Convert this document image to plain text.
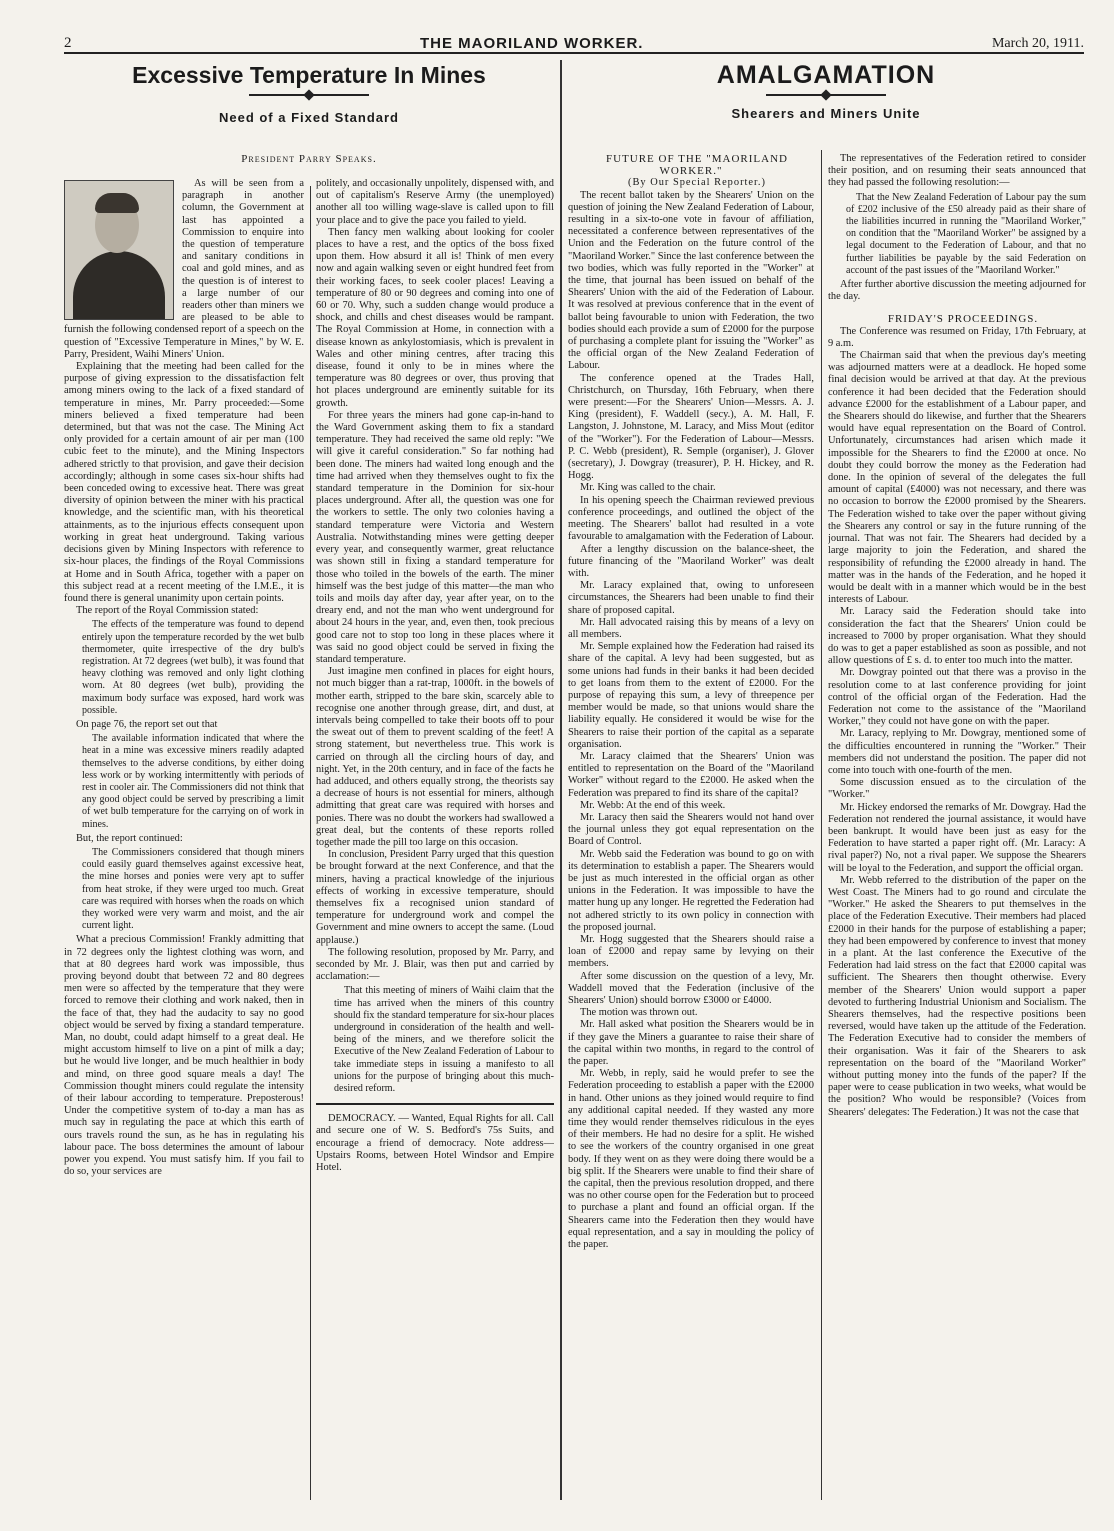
2	THE MAORILAND WORKER.	March 20, 1911.
Excessive Temperature In Mines
Need of a Fixed Standard
President Parry Speaks.
AMALGAMATION
Shearers and Miners Unite

As will be seen from a paragraph in another column, the Government at last has appointed a Commission to enquire into the question of temperature and sanitary conditions in coal and gold mines, and as the question is of interest to a large number of our readers other than miners we are pleased to be able to furnish the following condensed report of a speech on the question of "Excessive Temperature in Mines," by W. E. Parry, President, Waihi Miners' Union.

Explaining that the meeting had been called for the purpose of giving expression to the dissatisfaction felt among miners owing to the lack of a fixed standard of temperature in mines, Mr. Parry proceeded:—Some miners believed a fixed temperature had been determined, but that was not the case. The Mining Act only provided for a certain amount of air per man (100 cubic feet to the minute), and the Mining Inspectors adhered strictly to that provision, and gave their decision accordingly; although in some cases six-hour shifts had been conceded owing to excessive heat. There was great diversity of opinion between the miner with his practical knowledge, and the scientific man, with his theoretical attainments, as to the injurious effects consequent upon working in great heat underground. Taking various decisions given by Mining Inspectors with reference to six-hour places, the findings of the Royal Commissions at Home and in South Africa, together with a paper on this subject read at a recent meeting of the I.M.E., it is found there is general unanimity upon certain points.

The report of the Royal Commission stated:

The effects of the temperature was found to depend entirely upon the temperature recorded by the wet bulb thermometer, quite irrespective of the dry bulb's registration. At 72 degrees (wet bulb), it was found that heavy clothing was removed and only light clothing worn. At 80 degrees (wet bulb), providing the maximum body surface was exposed, hard work was possible.

On page 76, the report set out that

The available information indicated that where the heat in a mine was excessive miners readily adapted themselves to the adverse conditions, by either doing less work or by working intermittently with periods of rest in cooler air. The Commissioners did not think that any good object could be served by prescribing a limit of wet bulb temperature for the carrying on of work in mines.

But, the report continued:

The Commissioners considered that though miners could easily guard themselves against excessive heat, the mine horses and ponies were very apt to suffer from heat stroke, if they were urged too much. Great care was required with horses when the roads on which they worked were very warm and moist, and the air current light.

What a precious Commission! Frankly admitting that in 72 degrees only the lightest clothing was worn, and that at 80 degrees hard work was impossible, thus proving beyond doubt that between 72 and 80 degrees men were so affected by the temperature that they were forced to remove their clothing and work naked, then in the face of that, they had the audacity to say no good object would be served by fixing a standard temperature. Man, no doubt, could adapt himself to a great deal. He might accustom himself to live on a pint of milk a day; but he would live longer, and be much healthier in body and mind, on three good square meals a day! The Commission thought miners could regulate the intensity of their labour according to temperature. Preposterous! Under the competitive system of to-day a man has as much say in regulating the pace at which this earth of ours travels round the sun, as he has in regulating his labour pace. The boss determines the amount of labour power you expend. You must satisfy him. If you fail to do so, your services are

politely, and occasionally unpolitely, dispensed with, and out of capitalism's Reserve Army (the unemployed) another all too willing wage-slave is called upon to fill your place and to give the pace you failed to yield.

Then fancy men walking about looking for cooler places to have a rest, and the optics of the boss fixed upon them. How absurd it all is! Think of men every now and again walking seven or eight hundred feet from their working faces, to seek cooler places! Leaving a temperature of 80 or 90 degrees and coming into one of 60 or 70. Why, such a sudden change would produce a shock, and chills and chest diseases would be rampant. The Royal Commission at Home, in connection with a disease known as ankylostomiasis, which is prevalent in Wales and other mining centres, after tracing this disease, found it only to be in mines where the temperature was 80 degrees or over, thus proving that hot places underground are eminently suitable for its growth.

For three years the miners had gone cap-in-hand to the Ward Government asking them to fix a standard temperature. They had received the same old reply: "We will give it careful consideration." So far nothing had been done. The miners had waited long enough and the time had arrived when they themselves ought to fix the standard temperature in the Dominion for six-hour places underground. After all, the question was one for the workers to settle. The only two colonies having a standard temperature were Victoria and Western Australia. Notwithstanding mines were getting deeper every year, and consequently warmer, great reluctance was shown still in fixing a standard temperature for those who toiled in the bowels of the earth. The miner himself was the best judge of this matter—the man who toils and moils day after day, year after year, on to the dreary end, and not the man who went underground for about 24 hours in the year, and, even then, took precious good care not to stop too long in these places where it was said no good object could be served in fixing the standard temperature.

Just imagine men confined in places for eight hours, not much bigger than a rat-trap, 1000ft. in the bowels of mother earth, stripped to the bare skin, scarcely able to recognise one another through grease, dirt, and dust, at intervals being compelled to take their boots off to pour the sweat out of them to prevent scalding of the feet! A strong statement, but nevertheless true. This work is carried on through all the circling hours of day, and night. Yet, in the 20th century, and in face of the facts he had adduced, and others equally strong, the theorists say a decrease of hours is not essential for miners, although admitting that great care was required with horses and ponies. There was no doubt the workers had swallowed a great deal, but the contents of these reports rolled together made the pill too large on this occasion.

In conclusion, President Parry urged that this question be brought forward at the next Conference, and that the miners, having a practical knowledge of the injurious effects of working in excessive temperature, should themselves fix a recognised union standard of temperature for underground work and compel the Government and mine owners to accept the same. (Loud applause.)

The following resolution, proposed by Mr. Parry, and seconded by Mr. J. Blair, was then put and carried by acclamation:—

That this meeting of miners of Waihi claim that the time has arrived when the miners of this country should fix the standard temperature for six-hour places underground in consideration of the health and well-being of the miners, and we therefore solicit the Executive of the New Zealand Federation of Labour to take immediate steps in issuing a manifesto to all unions for the purpose of bringing about this much-desired reform.

DEMOCRACY. — Wanted, Equal Rights for all. Call and secure one of W. S. Bedford's 75s Suits, and encourage a friend of democracy. Note address—Upstairs Rooms, between Hotel Windsor and Empire Hotel.

FUTURE OF THE "MAORILAND WORKER."

(By Our Special Reporter.)

The recent ballot taken by the Shearers' Union on the question of joining the New Zealand Federation of Labour, resulting in a six-to-one vote in favour of affiliation, necessitated a conference between representatives of the Union and the Federation on the future control of the "Maoriland Worker." Since the last conference between the two bodies, which was fully reported in the "Worker" at the time, that journal has been issued on behalf of the Shearers' Union with the aid of the Federation of Labour. It was resolved at previous conference that in the event of ballot being favourable to union with Federation, the two bodies should each provide a sum of £2000 for the purpose of purchasing a complete plant for issuing the "Worker" as the official organ of the New Zealand Federation of Labour.

The conference opened at the Trades Hall, Christchurch, on Thursday, 16th February, when there were present:—For the Shearers' Union—Messrs. A. J. King (president), F. Waddell (secy.), A. M. Hall, F. Langston, J. Johnstone, M. Laracy, and Miss Mout (editor of the "Worker"). For the Federation of Labour—Messrs. P. C. Webb (president), R. Semple (organiser), J. Glover (secretary), J. Dowgray (treasurer), P. H. Hickey, and R. Hogg.

Mr. King was called to the chair.

In his opening speech the Chairman reviewed previous conference proceedings, and outlined the object of the meeting. The Shearers' ballot had resulted in a vote favourable to amalgamation with the Federation of Labour.

After a lengthy discussion on the balance-sheet, the future financing of the "Maoriland Worker" was dealt with.

Mr. Laracy explained that, owing to unforeseen circumstances, the Shearers had been unable to find their share of proposed capital.

Mr. Hall advocated raising this by means of a levy on all members.

Mr. Semple explained how the Federation had raised its share of the capital. A levy had been suggested, but as some unions had funds in their banks it had been decided to get loans from them to the extent of £2000. For the purpose of repaying this sum, a levy of threepence per member would be made, so that unions would share the liability equally. He considered it would be wise for the Shearers to raise their portion of the capital as a separate organisation.

Mr. Laracy claimed that the Shearers' Union was entitled to representation on the Board of the "Maoriland Worker" without regard to the £2000. He asked when the Federation was prepared to find its share of the capital?

Mr. Webb: At the end of this week.

Mr. Laracy then said the Shearers would not hand over the journal unless they got equal representation on the Board of Control.

Mr. Webb said the Federation was bound to go on with its determination to establish a paper. The Shearers would be just as much interested in the official organ as other unions in the Federation. It was impossible to have the matter hung up any longer. He regretted the Federation had not adhered strictly to its own policy in connection with the proposed journal.

Mr. Hogg suggested that the Shearers should raise a loan of £2000 and repay same by levying on their members.

After some discussion on the question of a levy, Mr. Waddell moved that the Federation (inclusive of the Shearers' Union) should borrow £3000 or £4000.

The motion was thrown out.

Mr. Hall asked what position the Shearers would be in if they gave the Miners a guarantee to raise their share of the capital within two months, in regard to the control of the paper.

Mr. Webb, in reply, said he would prefer to see the Federation proceeding to establish a paper with the £2000 in hand. Other unions as they joined would require to find any additional capital needed. If they wasted any more time they would render themselves ridiculous in the eyes of their members. He had no desire for a split. He wished to see the workers of the country organised in one great body. If they went on as they were doing there would be a big split. If the Shearers were unable to find their share of the capital, then the previous resolution dropped, and there was no other course open for the Federation but to proceed to purchase a plant and found an official organ. If the Shearers came into the Federation then they would have equal representation, and a say in moulding the policy of the paper.

The representatives of the Federation retired to consider their position, and on resuming their seats announced that they had passed the following resolution:—

That the New Zealand Federation of Labour pay the sum of £202 inclusive of the £50 already paid as their share of the liabilities incurred in running the "Maoriland Worker," on condition that the "Maoriland Worker" be assigned by a legal document to the Federation of Labour, and that no further liabilities be payable by the said Federation on account of the past issues of the "Maoriland Worker."

After further abortive discussion the meeting adjourned for the day.

FRIDAY'S PROCEEDINGS.

The Conference was resumed on Friday, 17th February, at 9 a.m.

The Chairman said that when the previous day's meeting was adjourned matters were at a deadlock. He hoped some final decision would be arrived at that day. At the previous conference it had been decided that the Federation should advance £2000 for the establishment of a Labour paper, and the Shearers should do likewise, and further that the Shearers would have equal representation on the Board of Control. Unfortunately, circumstances had arisen which made it impossible for the Shearers to find the £2000 at once. No doubt they could borrow the money as the Federation had done. In the opinion of several of the delegates the full amount of capital (£4000) was not necessary, and there was no occasion to borrow the £2000 promised by the Shearers. The Federation wished to take over the paper without giving the Shearers any control or say in the future running of the journal. That was not fair. The Shearers had decided by a large majority to join the Federation, and shared the responsibility of refunding the £2000 already in hand. The matter was in the hands of the Federation, and he hoped it would be dealt with in a manner which would be in the best interests of Labour.

Mr. Laracy said the Federation should take into consideration the fact that the Shearers' Union could be increased to 7000 by proper organisation. What they should do was to get a paper established as soon as possible, and not allow questions of £ s. d. to enter too much into the matter.

Mr. Dowgray pointed out that there was a proviso in the resolution come to at last conference providing for joint control of the official organ of the Federation. Had the Federation not come to the assistance of the "Maoriland Worker," they could not have gone on with the paper.

Mr. Laracy, replying to Mr. Dowgray, mentioned some of the difficulties encountered in running the "Worker." Their members did not understand the position. The paper did not come into touch with one-fourth of the men.

Some discussion ensued as to the circulation of the "Worker."

Mr. Hickey endorsed the remarks of Mr. Dowgray. Had the Federation not rendered the journal assistance, it would have been bankrupt. It would have been just as easy for the Federation to have started a paper right off. (Mr. Laracy: A rival paper?) No, not a rival paper. We suppose the Shearers will be loyal to the Federation, and support the official organ.

Mr. Webb referred to the distribution of the paper on the West Coast. The Miners had to go round and circulate the "Worker." He asked the Shearers to put themselves in the place of the Federation Executive. Their members had placed £2000 in their hands for the purpose of establishing a paper; they had been empowered by conference to invest that money in a plant. At the last conference the Executive of the Federation had laid stress on the fact that £2000 capital was sufficient. The Shearers then thought otherwise. Every member of the Shearers' Union would support a paper devoted to furthering Industrial Unionism and Socialism. The Shearers themselves, had the respective positions been reversed, would have taken up the attitude of the Federation. The Federation Executive had to consider the members of their organisation. Was it fair of the Shearers to ask representation on the board of the "Maoriland Worker" without putting money into the funds of the paper? If the paper were to cease publication in two weeks, what would be the position? Who would be responsible? (Voices from Shearers' delegates: The Federation.) It was not the case that
